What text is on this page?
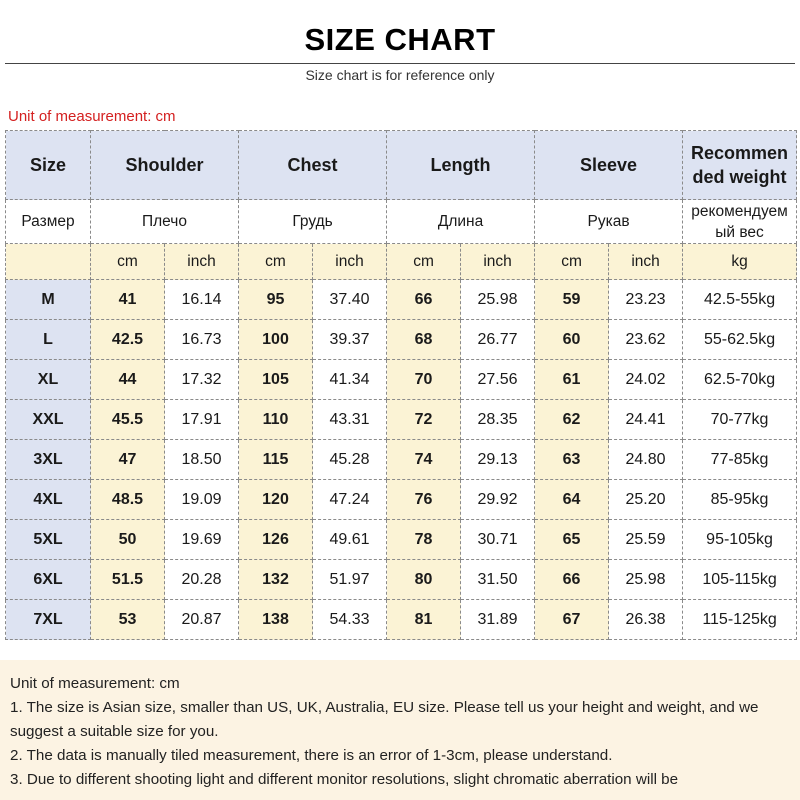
SIZE CHART
Size chart is for reference only
Unit of measurement: cm
Size	Shoulder		Chest		Length		Sleeve		Recommen
ded weight

Размер	Плечо		Грудь		Длина		Рукав		рекомендуем
ый вес

	cm	inch	cm	inch	cm	inch	cm	inch	kg
M	41	16.14	95	37.40	66	25.98	59	23.23	42.5-55kg
L	42.5	16.73	100	39.37	68	26.77	60	23.62	55-62.5kg
XL	44	17.32	105	41.34	70	27.56	61	24.02	62.5-70kg
XXL	45.5	17.91	110	43.31	72	28.35	62	24.41	70-77kg
3XL	47	18.50	115	45.28	74	29.13	63	24.80	77-85kg
4XL	48.5	19.09	120	47.24	76	29.92	64	25.20	85-95kg
5XL	50	19.69	126	49.61	78	30.71	65	25.59	95-105kg
6XL	51.5	20.28	132	51.97	80	31.50	66	25.98	105-115kg
7XL	53	20.87	138	54.33	81	31.89	67	26.38	115-125kg

Unit of measurement: cm

1. The size is Asian size, smaller than US, UK, Australia, EU size. Please tell us your height and weight, and we suggest a suitable size for you.

2. The data is manually tiled measurement, there is an error of 1-3cm, please understand.

3. Due to different shooting light and different monitor resolutions, slight chromatic aberration will be
